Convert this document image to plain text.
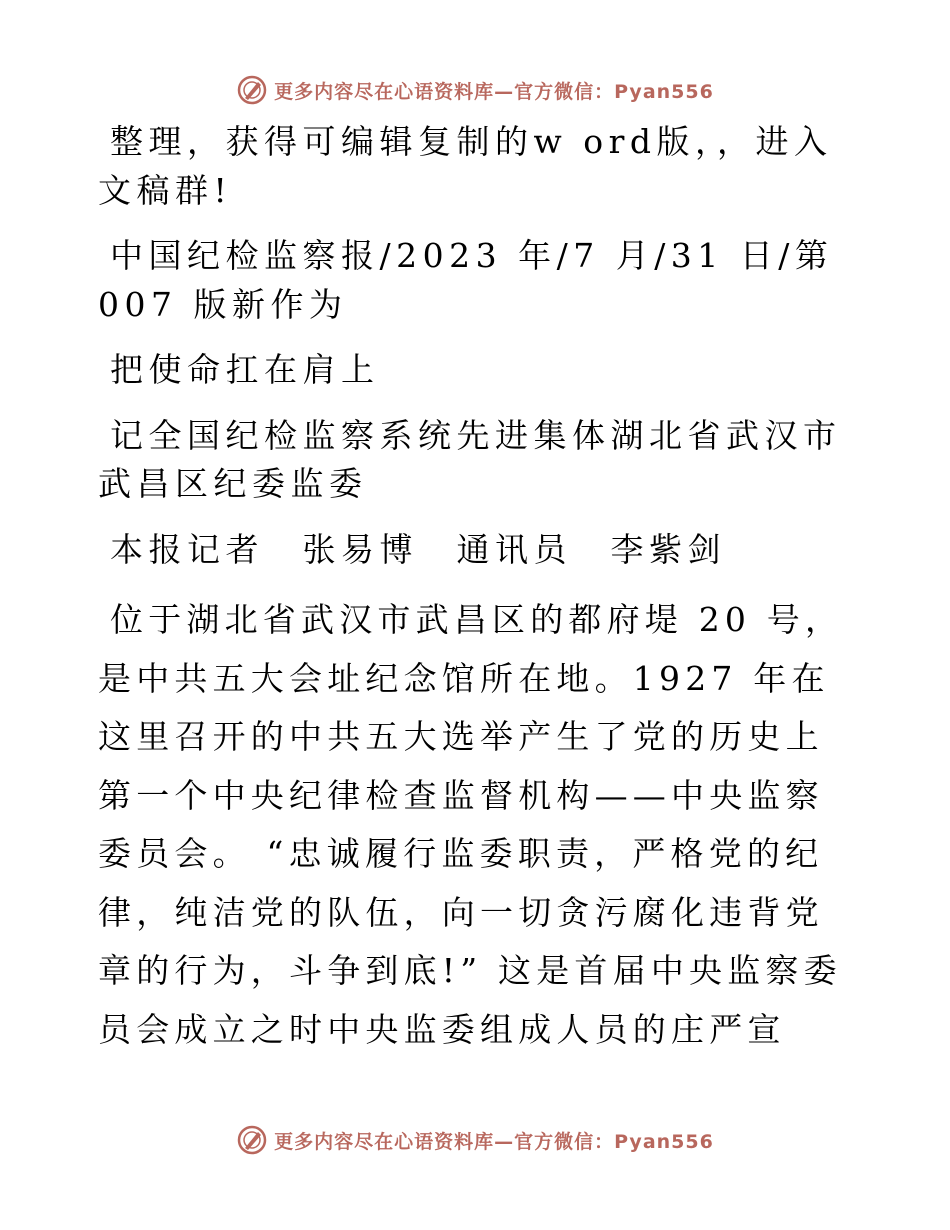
更多内容尽在心语资料库—官方微信：Pyan556

整理，获得可编辑复制的w ord版，，进入文稿群!

中国纪检监察报/2023 年/7 月/31 日/第 007 版新作为

把使命扛在肩上

记全国纪检监察系统先进集体湖北省武汉市武昌区纪委监委

本报记者　张易博　通讯员　李紫剑

位于湖北省武汉市武昌区的都府堤 20 号，是中共五大会址纪念馆所在地。1927 年在这里召开的中共五大选举产生了党的历史上第一个中央纪律检查监督机构——中央监察委员会。 “忠诚履行监委职责，严格党的纪律，纯洁党的队伍，向一切贪污腐化违背党章的行为，斗争到底!” 这是首届中央监察委员会成立之时中央监委组成人员的庄严宣

更多内容尽在心语资料库—官方微信：Pyan556
